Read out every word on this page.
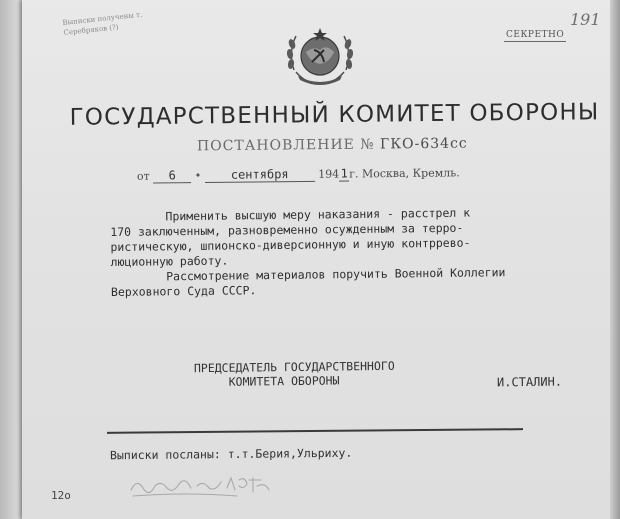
Выписки получены т. Серебряков (?)
191
СЕКРЕТНО
ГОСУДАРСТВЕННЫЙ КОМИТЕТ ОБОРОНЫ
ПОСТАНОВЛЕНИЕ № ГКО-634сс
от 6 • сентября	1941г. Москва, Кремль.
Применить высшую меру наказания - расстрел к
170 заключенным, разновременно осужденным за терро-
ристическую, шпионско-диверсионную и иную контррево-
люционную работу.
Рассмотрение материалов поручить Военной Коллегии
Верховного Суда СССР.
ПРЕДСЕДАТЕЛЬ ГОСУДАРСТВЕННОГО
КОМИТЕТА ОБОРОНЫ	И.СТАЛИН.
Выписки посланы: т.т.Берия,Ульриху.
12о
